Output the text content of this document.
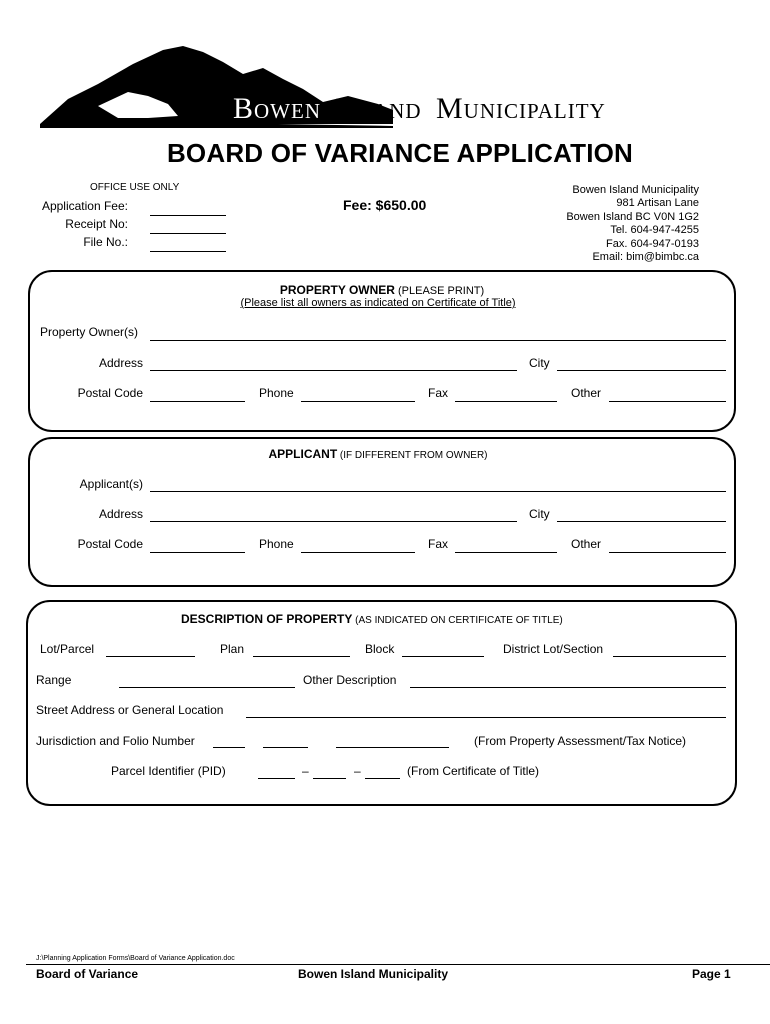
Bowen Island Municipality
BOARD OF VARIANCE APPLICATION
OFFICE USE ONLY
Application Fee:
Receipt No:
File No.:
Fee: $650.00
Bowen Island Municipality
981 Artisan Lane
Bowen Island BC V0N 1G2
Tel. 604-947-4255
Fax. 604-947-0193
Email: bim@bimbc.ca
PROPERTY OWNER (PLEASE PRINT)
(Please list all owners as indicated on Certificate of Title)
Property Owner(s)
Address	City
Postal Code	Phone	Fax	Other
APPLICANT (IF DIFFERENT FROM OWNER)
Applicant(s)
Address	City
Postal Code	Phone	Fax	Other
DESCRIPTION OF PROPERTY (AS INDICATED ON CERTIFICATE OF TITLE)
Lot/Parcel	Plan	Block	District Lot/Section
Range	Other Description
Street Address or General Location
Jurisdiction and Folio Number	(From Property Assessment/Tax Notice)
Parcel Identifier (PID)	–	–	(From Certificate of Title)
J:\Planning Application Forms\Board of Variance Application.doc
Board of Variance	Bowen Island Municipality	Page 1
